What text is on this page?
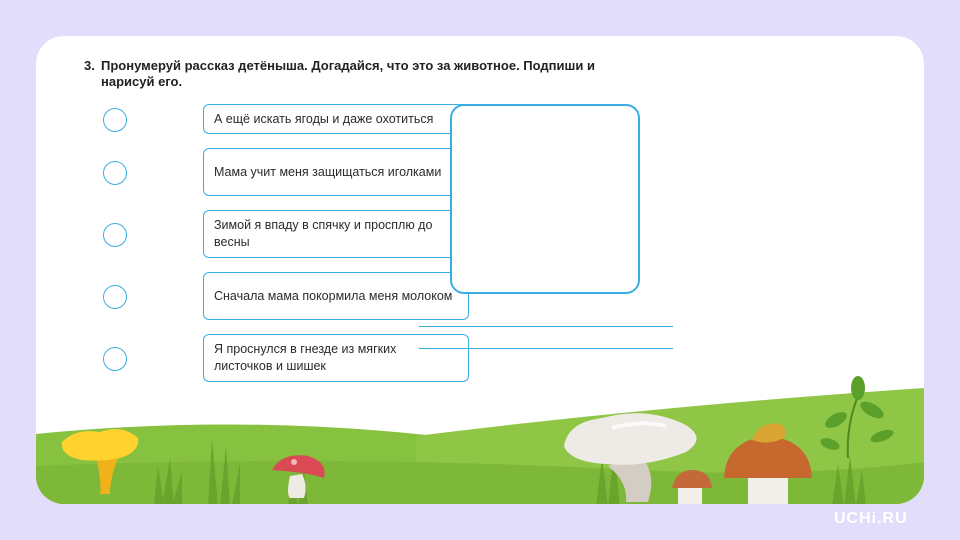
3. Пронумеруй рассказ детёныша. Догадайся, что это за животное. Подпиши и нарисуй его.
А ещё искать ягоды и даже охотиться
Мама учит меня защищаться иголками
Зимой я впаду в спячку и просплю до весны
Сначала мама покормила меня молоком
Я проснулся в гнезде из мягких листочков и шишек
UCHi.RU
